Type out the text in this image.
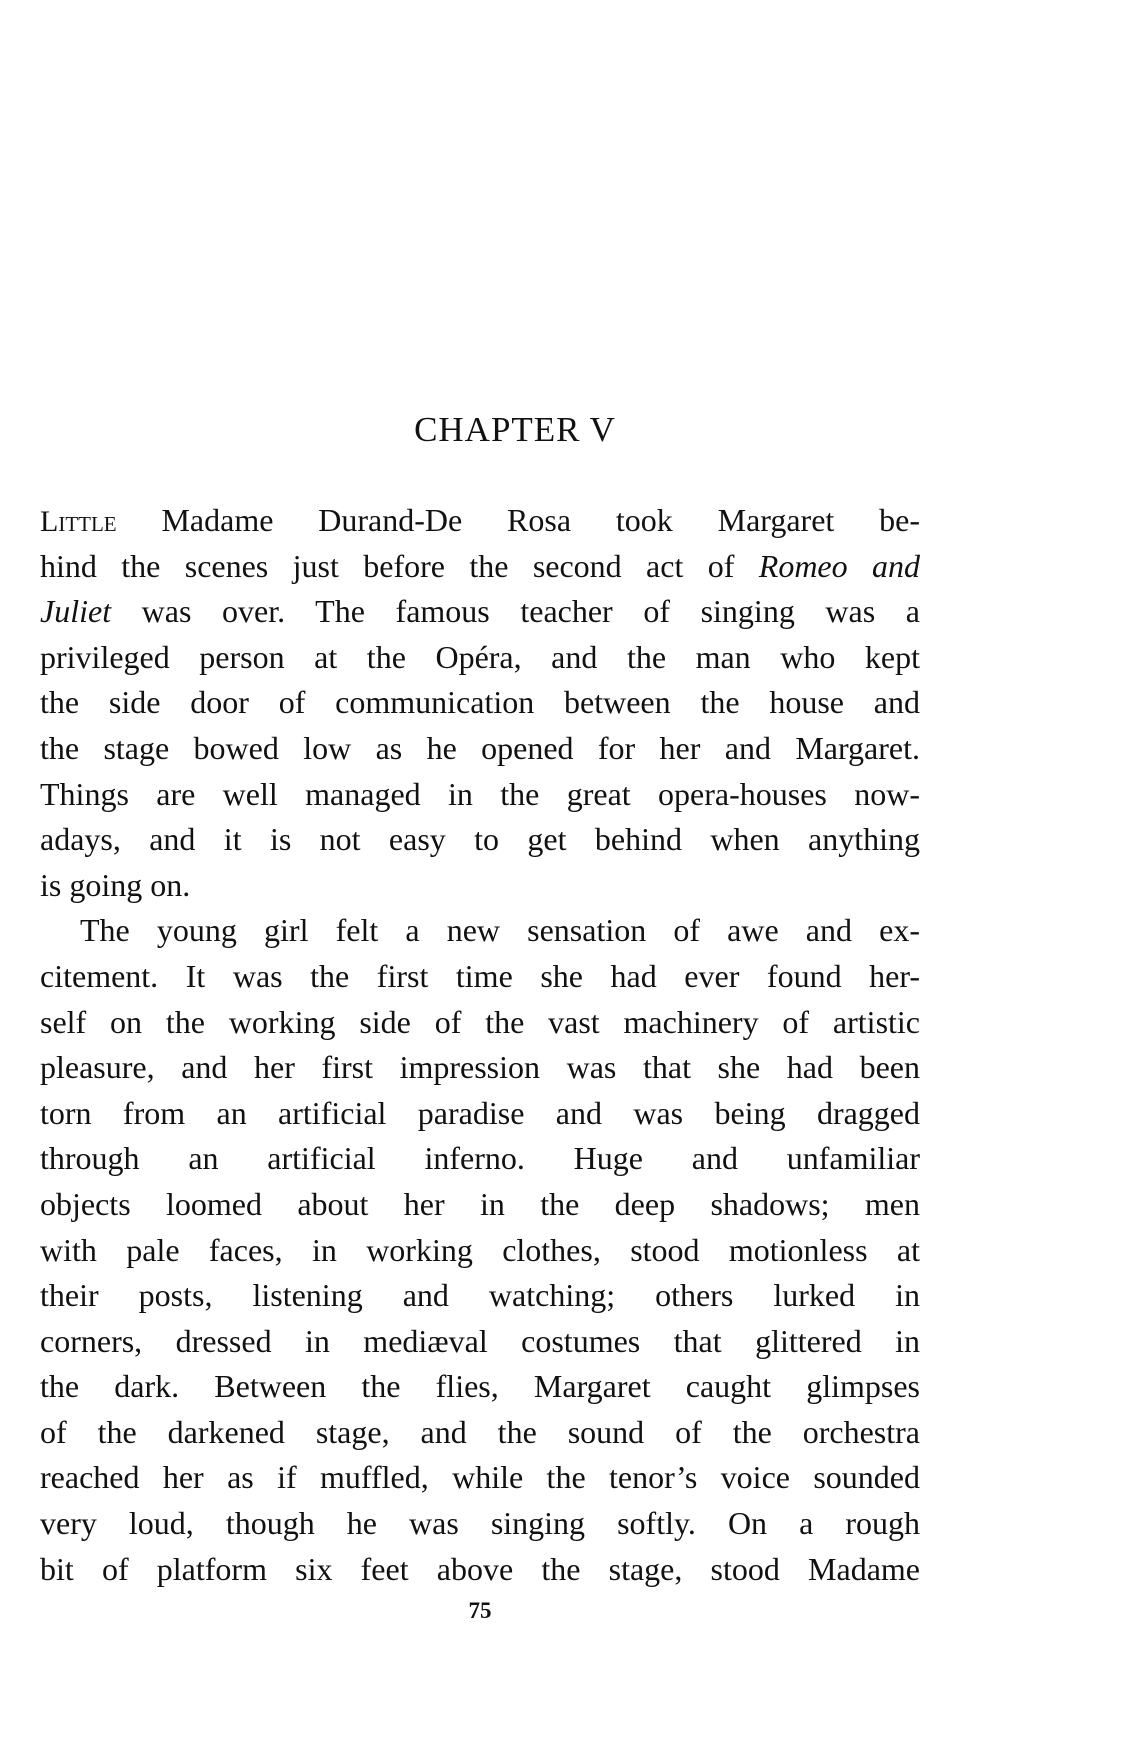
CHAPTER V
Little Madame Durand-De Rosa took Margaret be-
hind the scenes just before the second act of Romeo and
Juliet was over. The famous teacher of singing was a
privileged person at the Opéra, and the man who kept
the side door of communication between the house and
the stage bowed low as he opened for her and Margaret.
Things are well managed in the great opera-houses now-
adays, and it is not easy to get behind when anything
is going on.
The young girl felt a new sensation of awe and ex-
citement. It was the first time she had ever found her-
self on the working side of the vast machinery of artistic
pleasure, and her first impression was that she had been
torn from an artificial paradise and was being dragged
through an artificial inferno. Huge and unfamiliar
objects loomed about her in the deep shadows; men
with pale faces, in working clothes, stood motionless at
their posts, listening and watching; others lurked in
corners, dressed in mediæval costumes that glittered in
the dark. Between the flies, Margaret caught glimpses
of the darkened stage, and the sound of the orchestra
reached her as if muffled, while the tenor’s voice sounded
very loud, though he was singing softly. On a rough
bit of platform six feet above the stage, stood Madame
75
